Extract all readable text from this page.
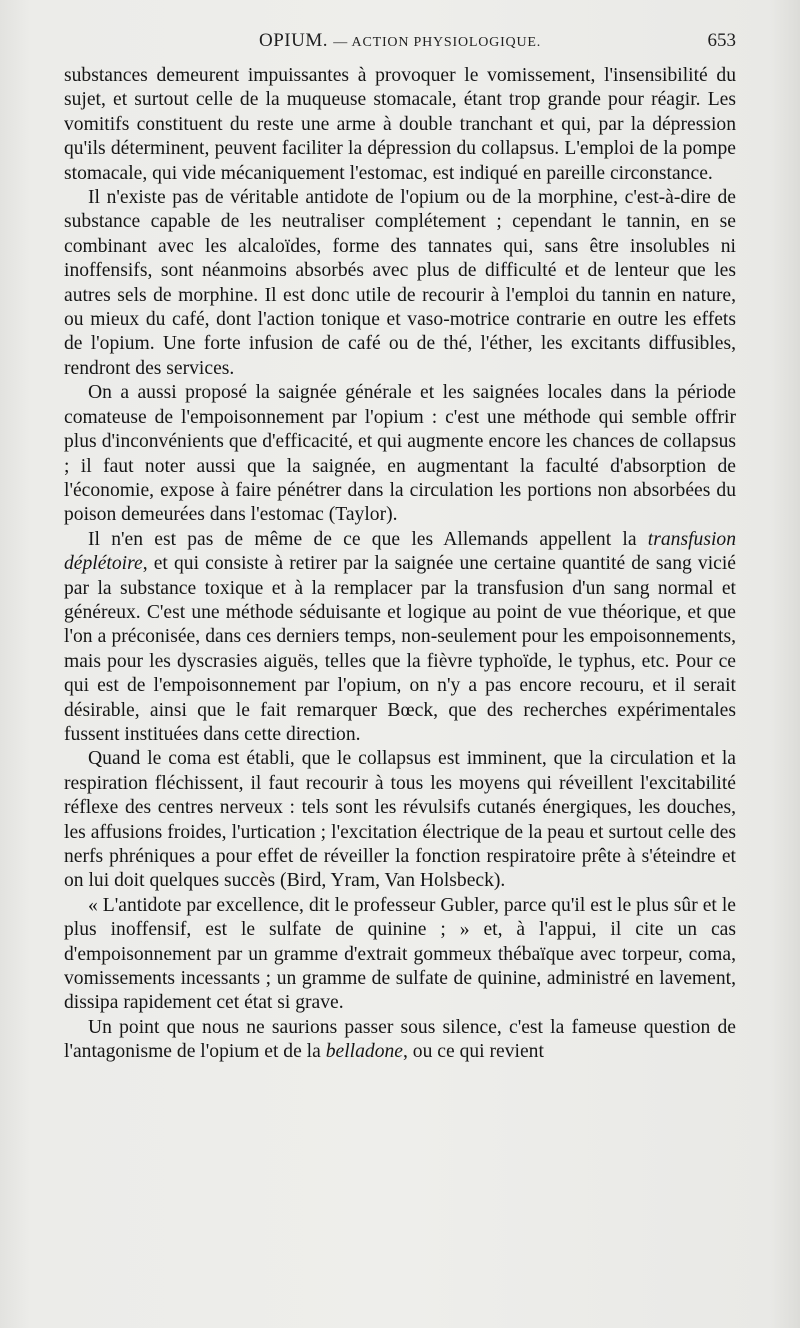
OPIUM. — ACTION PHYSIOLOGIQUE.	653

substances demeurent impuissantes à provoquer le vomissement, l'insensibilité du sujet, et surtout celle de la muqueuse stomacale, étant trop grande pour réagir. Les vomitifs constituent du reste une arme à double tranchant et qui, par la dépression qu'ils déterminent, peuvent faciliter la dépression du collapsus. L'emploi de la pompe stomacale, qui vide mécaniquement l'estomac, est indiqué en pareille circonstance.

Il n'existe pas de véritable antidote de l'opium ou de la morphine, c'est-à-dire de substance capable de les neutraliser complétement ; cependant le tannin, en se combinant avec les alcaloïdes, forme des tannates qui, sans être insolubles ni inoffensifs, sont néanmoins absorbés avec plus de difficulté et de lenteur que les autres sels de morphine. Il est donc utile de recourir à l'emploi du tannin en nature, ou mieux du café, dont l'action tonique et vaso-motrice contrarie en outre les effets de l'opium. Une forte infusion de café ou de thé, l'éther, les excitants diffusibles, rendront des services.

On a aussi proposé la saignée générale et les saignées locales dans la période comateuse de l'empoisonnement par l'opium : c'est une méthode qui semble offrir plus d'inconvénients que d'efficacité, et qui augmente encore les chances de collapsus ; il faut noter aussi que la saignée, en augmentant la faculté d'absorption de l'économie, expose à faire pénétrer dans la circulation les portions non absorbées du poison demeurées dans l'estomac (Taylor).

Il n'en est pas de même de ce que les Allemands appellent la transfusion déplétoire, et qui consiste à retirer par la saignée une certaine quantité de sang vicié par la substance toxique et à la remplacer par la transfusion d'un sang normal et généreux. C'est une méthode séduisante et logique au point de vue théorique, et que l'on a préconisée, dans ces derniers temps, non-seulement pour les empoisonnements, mais pour les dyscrasies aiguës, telles que la fièvre typhoïde, le typhus, etc. Pour ce qui est de l'empoisonnement par l'opium, on n'y a pas encore recouru, et il serait désirable, ainsi que le fait remarquer Bœck, que des recherches expérimentales fussent instituées dans cette direction.

Quand le coma est établi, que le collapsus est imminent, que la circulation et la respiration fléchissent, il faut recourir à tous les moyens qui réveillent l'excitabilité réflexe des centres nerveux : tels sont les révulsifs cutanés énergiques, les douches, les affusions froides, l'urtication ; l'excitation électrique de la peau et surtout celle des nerfs phréniques a pour effet de réveiller la fonction respiratoire prête à s'éteindre et on lui doit quelques succès (Bird, Yram, Van Holsbeck).

« L'antidote par excellence, dit le professeur Gubler, parce qu'il est le plus sûr et le plus inoffensif, est le sulfate de quinine ; » et, à l'appui, il cite un cas d'empoisonnement par un gramme d'extrait gommeux thébaïque avec torpeur, coma, vomissements incessants ; un gramme de sulfate de quinine, administré en lavement, dissipa rapidement cet état si grave.

Un point que nous ne saurions passer sous silence, c'est la fameuse question de l'antagonisme de l'opium et de la belladone, ou ce qui revient
